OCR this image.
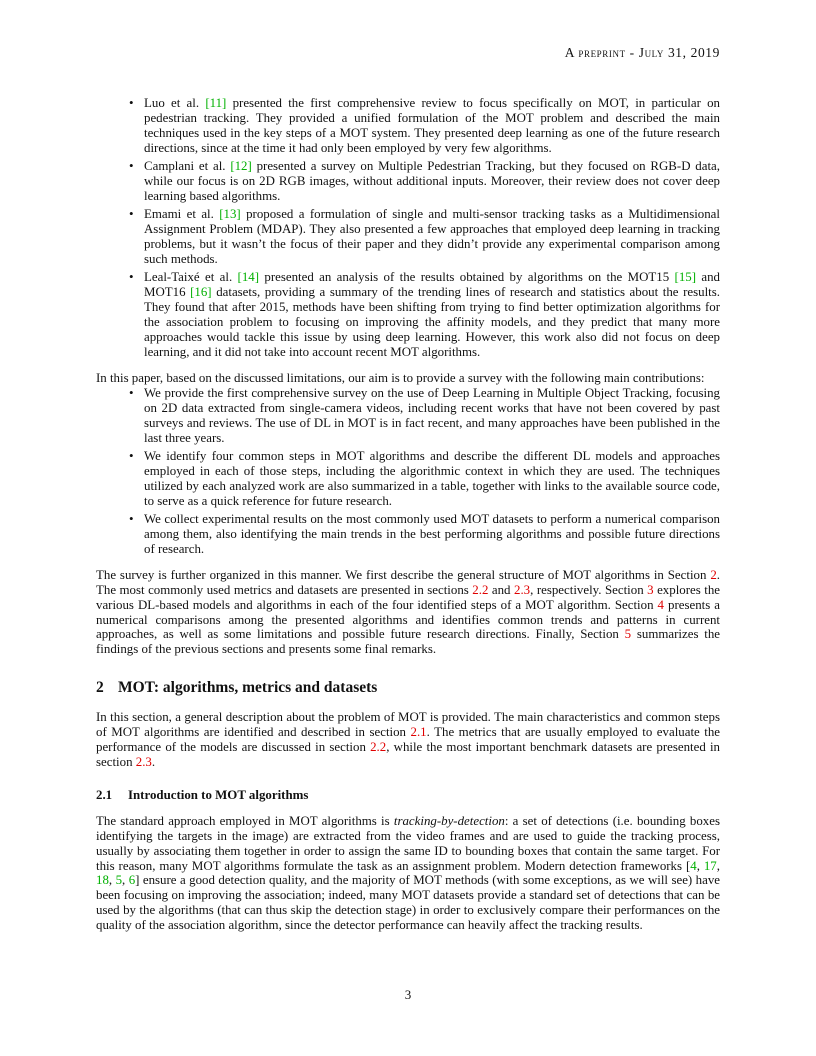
A preprint - July 31, 2019
• Luo et al. [11] presented the first comprehensive review to focus specifically on MOT, in particular on pedestrian tracking. They provided a unified formulation of the MOT problem and described the main techniques used in the key steps of a MOT system. They presented deep learning as one of the future research directions, since at the time it had only been employed by very few algorithms.
• Camplani et al. [12] presented a survey on Multiple Pedestrian Tracking, but they focused on RGB-D data, while our focus is on 2D RGB images, without additional inputs. Moreover, their review does not cover deep learning based algorithms.
• Emami et al. [13] proposed a formulation of single and multi-sensor tracking tasks as a Multidimensional Assignment Problem (MDAP). They also presented a few approaches that employed deep learning in tracking problems, but it wasn’t the focus of their paper and they didn’t provide any experimental comparison among such methods.
• Leal-Taixé et al. [14] presented an analysis of the results obtained by algorithms on the MOT15 [15] and MOT16 [16] datasets, providing a summary of the trending lines of research and statistics about the results. They found that after 2015, methods have been shifting from trying to find better optimization algorithms for the association problem to focusing on improving the affinity models, and they predict that many more approaches would tackle this issue by using deep learning. However, this work also did not focus on deep learning, and it did not take into account recent MOT algorithms.

In this paper, based on the discussed limitations, our aim is to provide a survey with the following main contributions:

• We provide the first comprehensive survey on the use of Deep Learning in Multiple Object Tracking, focusing on 2D data extracted from single-camera videos, including recent works that have not been covered by past surveys and reviews. The use of DL in MOT is in fact recent, and many approaches have been published in the last three years.
• We identify four common steps in MOT algorithms and describe the different DL models and approaches employed in each of those steps, including the algorithmic context in which they are used. The techniques utilized by each analyzed work are also summarized in a table, together with links to the available source code, to serve as a quick reference for future research.
• We collect experimental results on the most commonly used MOT datasets to perform a numerical comparison among them, also identifying the main trends in the best performing algorithms and possible future directions of research.

The survey is further organized in this manner. We first describe the general structure of MOT algorithms in Section 2. The most commonly used metrics and datasets are presented in sections 2.2 and 2.3, respectively. Section 3 explores the various DL-based models and algorithms in each of the four identified steps of a MOT algorithm. Section 4 presents a numerical comparisons among the presented algorithms and identifies common trends and patterns in current approaches, as well as some limitations and possible future research directions. Finally, Section 5 summarizes the findings of the previous sections and presents some final remarks.

2 MOT: algorithms, metrics and datasets

In this section, a general description about the problem of MOT is provided. The main characteristics and common steps of MOT algorithms are identified and described in section 2.1. The metrics that are usually employed to evaluate the performance of the models are discussed in section 2.2, while the most important benchmark datasets are presented in section 2.3.

2.1 Introduction to MOT algorithms

The standard approach employed in MOT algorithms is tracking-by-detection: a set of detections (i.e. bounding boxes identifying the targets in the image) are extracted from the video frames and are used to guide the tracking process, usually by associating them together in order to assign the same ID to bounding boxes that contain the same target. For this reason, many MOT algorithms formulate the task as an assignment problem. Modern detection frameworks [4, 17, 18, 5, 6] ensure a good detection quality, and the majority of MOT methods (with some exceptions, as we will see) have been focusing on improving the association; indeed, many MOT datasets provide a standard set of detections that can be used by the algorithms (that can thus skip the detection stage) in order to exclusively compare their performances on the quality of the association algorithm, since the detector performance can heavily affect the tracking results.

3
